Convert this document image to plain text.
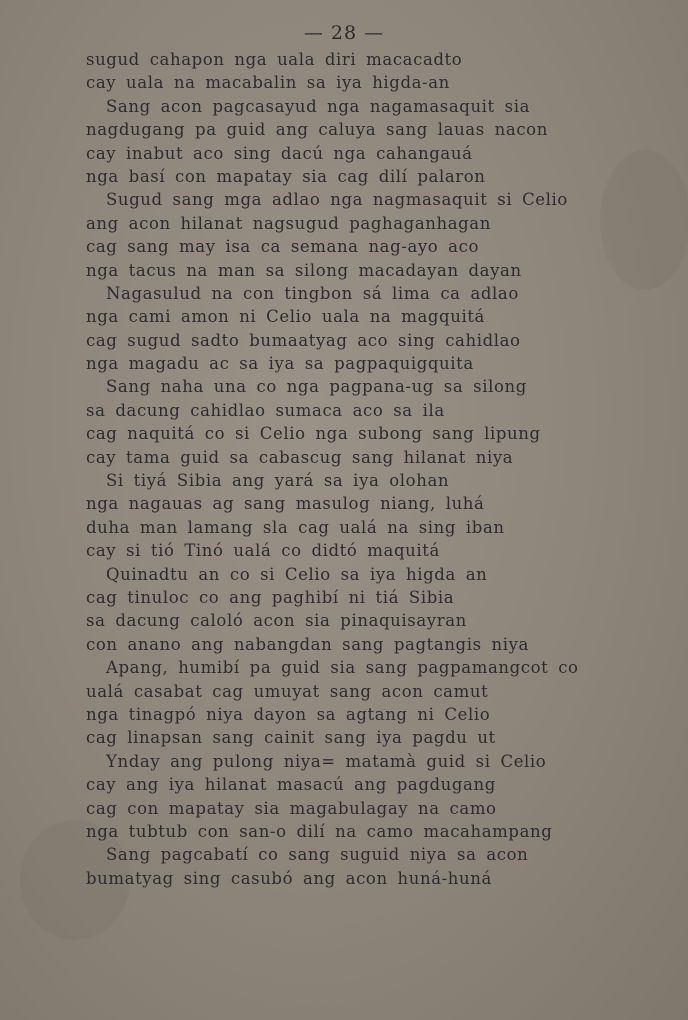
— 28 —
sugud cahapon nga uala diri macacadto
cay uala na macabalin sa iya higda-an
Sang acon pagcasayud nga nagamasaquit sia
nagdugang pa guid ang caluya sang lauas nacon
cay inabut aco sing dacú nga cahangauá
nga basí con mapatay sia cag dilí palaron
Sugud sang mga adlao nga nagmasaquit si Celio
ang acon hilanat nagsugud paghaganhagan
cag sang may isa ca semana nag-ayo aco
nga tacus na man sa silong macadayan dayan
Nagasulud na con tingbon sá lima ca adlao
nga cami amon ni Celio uala na magquitá
cag sugud sadto bumaatyag aco sing cahidlao
nga magadu ac sa iya sa pagpaquigquita
Sang naha una co nga pagpana-ug sa silong
sa dacung cahidlao sumaca aco sa ila
cag naquitá co si Celio nga subong sang lipung
cay tama guid sa cabascug sang hilanat niya
Si tiyá Sibia ang yará sa iya olohan
nga nagauas ag sang masulog niang, luhá
duha man lamang sla cag ualá na sing iban
cay si tió Tinó ualá co didtó maquitá
Quinadtu an co si Celio sa iya higda an
cag tinuloc co ang paghibí ni tiá Sibia
sa dacung caloló acon sia pinaquisayran
con anano ang nabangdan sang pagtangis niya
Apang, humibí pa guid sia sang pagpamangcot co
ualá casabat cag umuyat sang acon camut
nga tinagpó niya dayon sa agtang ni Celio
cag linapsan sang cainit sang iya pagdu ut
Ynday ang pulong niya= matamà guid si Celio
cay ang iya hilanat masacú ang pagdugang
cag con mapatay sia magabulagay na camo
nga tubtub con san-o dilí na camo macahampang
Sang pagcabatí co sang suguid niya sa acon
bumatyag sing casubó ang acon huná-huná
